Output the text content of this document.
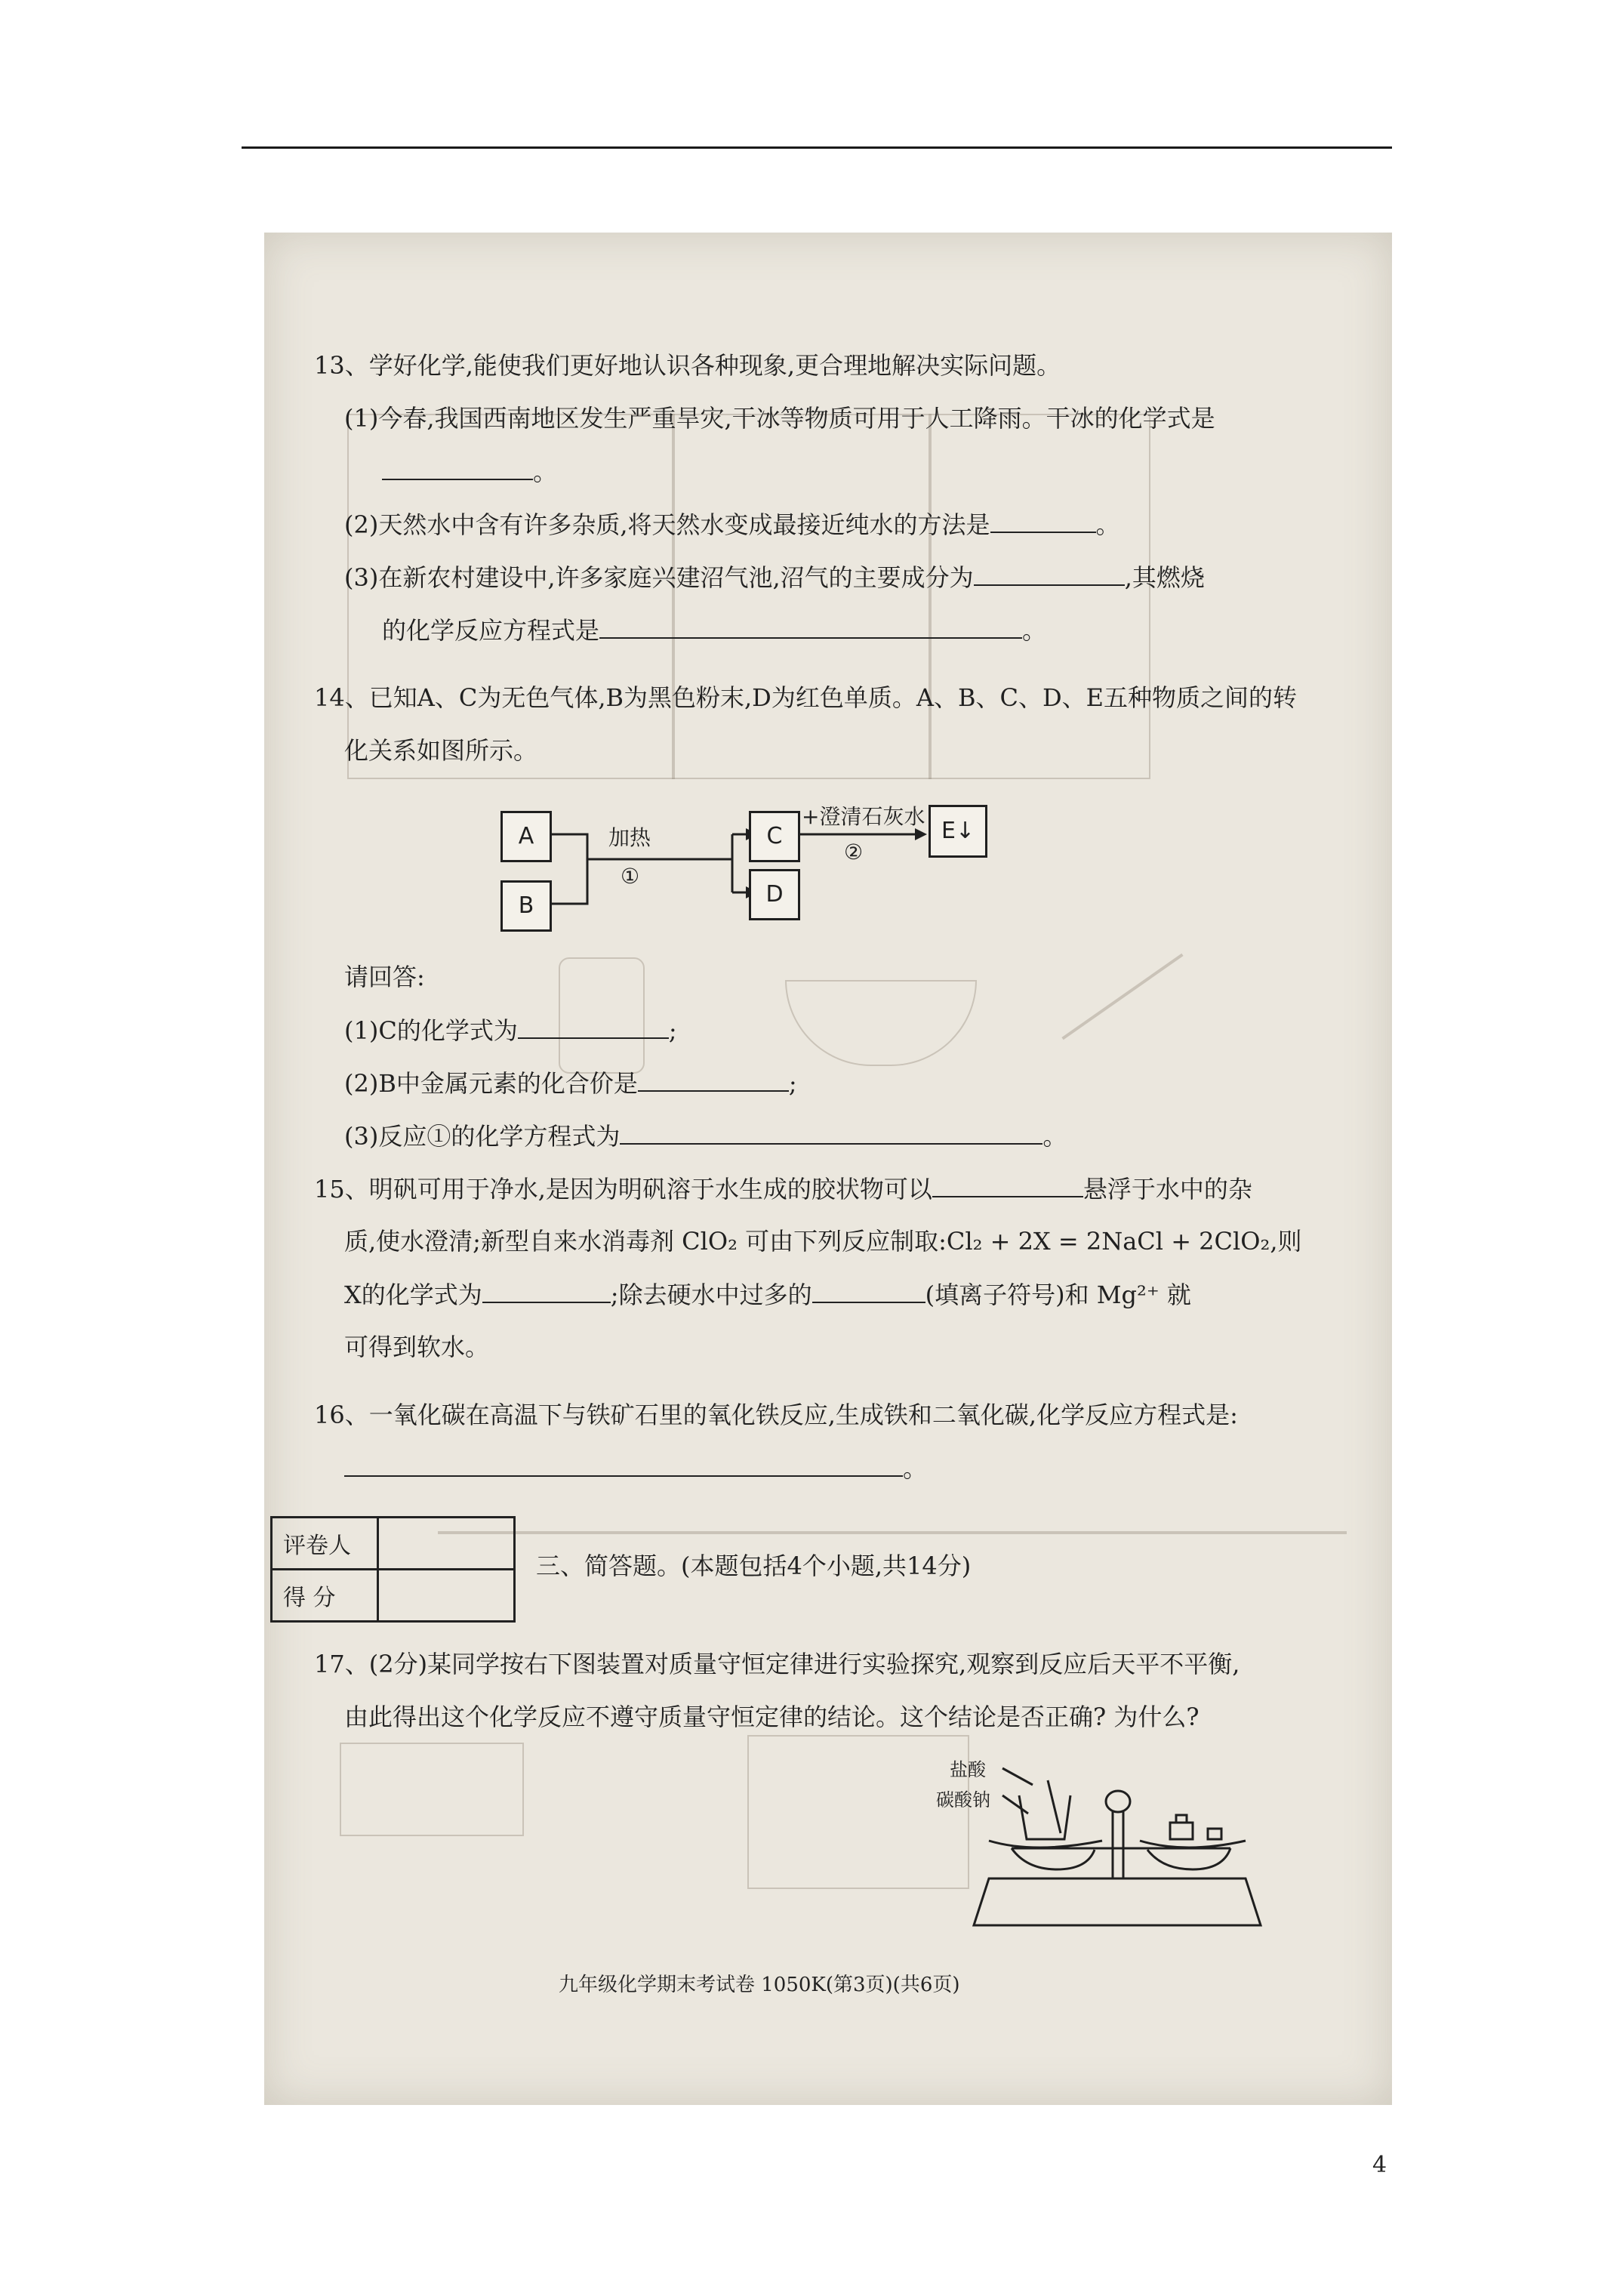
13、学好化学,能使我们更好地认识各种现象,更合理地解决实际问题。
(1)今春,我国西南地区发生严重旱灾,干冰等物质可用于人工降雨。干冰的化学式是
。
(2)天然水中含有许多杂质,将天然水变成最接近纯水的方法是	。
(3)在新农村建设中,许多家庭兴建沼气池,沼气的主要成分为	,其燃烧
的化学反应方程式是	。
14、已知A、C为无色气体,B为黑色粉末,D为红色单质。A、B、C、D、E五种物质之间的转
化关系如图所示。
A
B
C
D
E↓
加热
①
+澄清石灰水
②
请回答:
(1)C的化学式为	;
(2)B中金属元素的化合价是	;
(3)反应①的化学方程式为	。
15、明矾可用于净水,是因为明矾溶于水生成的胶状物可以	悬浮于水中的杂
质,使水澄清;新型自来水消毒剂 ClO₂ 可由下列反应制取:Cl₂ + 2X = 2NaCl + 2ClO₂,则
X的化学式为	;除去硬水中过多的	(填离子符号)和 Mg²⁺ 就
可得到软水。
16、一氧化碳在高温下与铁矿石里的氧化铁反应,生成铁和二氧化碳,化学反应方程式是:
。
评卷人	
得 分	
三、简答题。(本题包括4个小题,共14分)
17、(2分)某同学按右下图装置对质量守恒定律进行实验探究,观察到反应后天平不平衡,
由此得出这个化学反应不遵守质量守恒定律的结论。这个结论是否正确? 为什么?
盐酸
碳酸钠
九年级化学期末考试卷 1050K(第3页)(共6页)
4
